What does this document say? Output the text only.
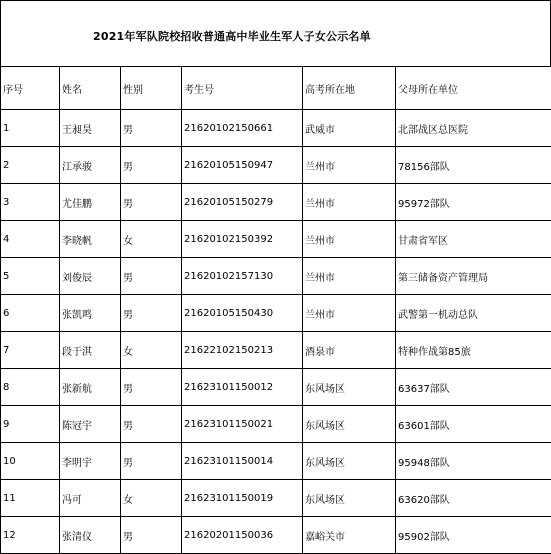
2021年军队院校招收普通高中毕业生军人子女公示名单
序号	姓名	性别	考生号	高考所在地	父母所在单位
1	王昶昊	男	21620102150661	武威市	北部战区总医院
2	江承骏	男	21620105150947	兰州市	78156部队
3	尤佳鹏	男	21620105150279	兰州市	95972部队
4	李晓帆	女	21620102150392	兰州市	甘肃省军区
5	刘俊辰	男	21620102157130	兰州市	第三储备资产管理局
6	张凯鸣	男	21620105150430	兰州市	武警第一机动总队
7	段于淇	女	21622102150213	酒泉市	特种作战第85旅
8	张新航	男	21623101150012	东风场区	63637部队
9	陈冠宇	男	21623101150021	东风场区	63601部队
10	李明宇	男	21623101150014	东风场区	95948部队
11	冯可	女	21623101150019	东风场区	63620部队
12	张清仪	男	21620201150036	嘉峪关市	95902部队
